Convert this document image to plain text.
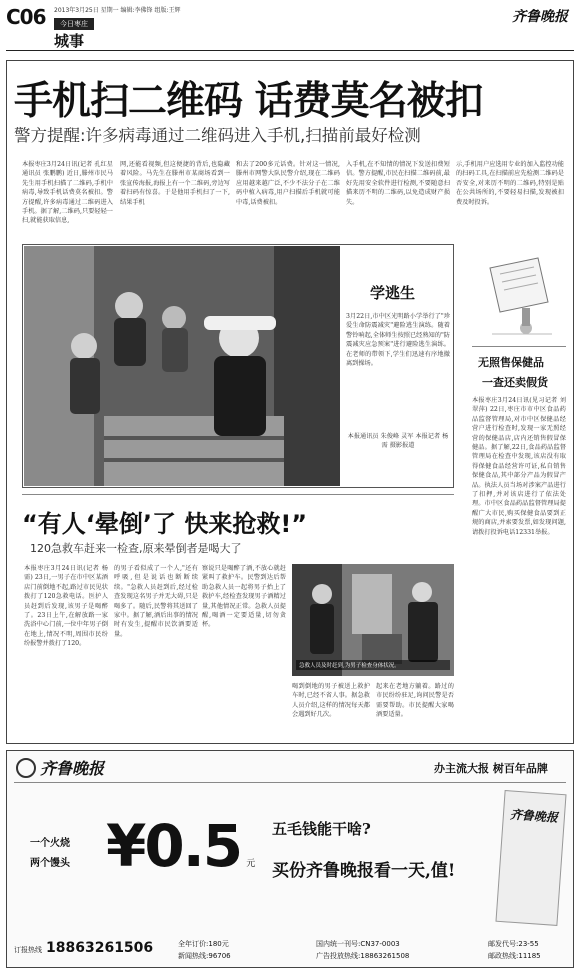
C06 2013年3月25日 星期一 编辑:李佛锋 组版:王辉
今日枣庄
城事
齐鲁晚报
手机扫二维码 话费莫名被扣
警方提醒:许多病毒通过二维码进入手机,扫描前最好检测
本报枣庄3月24日讯(记者 孔红星 通讯员 张鹏鹏) 近日,滕州市民马先生用手机扫描了二维码,手机中病毒,导致手机话费莫名被扣。警方提醒,许多病毒通过二维码进入手机。据了解,二维码,只要轻轻一扫,就能获取信息,
网,还能看视频,但这便捷的背后,也隐藏着风险。马先生在滕州市某商场看到一张宣传海报,海报上有一个二维码,旁边写着扫码有惊喜。于是他用手机扫了一下,结果手机
和去了200多元话费。针对这一情况,滕州市网警大队民警介绍,现在二维码应用越来越广泛,不少不法分子在二维码中植入病毒,用户扫描后手机就可能中毒,话费被扣。
入手机,在不知情的情况下发送扣费短信。警方提醒,市民在扫描二维码前,最好先用安全软件进行检测,不要随意扫描来历不明的二维码,以免造成财产损失。
示,手机用户应选用专业的加入监控功能的扫码工具,在扫描前应先检测二维码是否安全,对来历不明的二维码,特别是贴在公共场所的,不要轻易扫描,发现被扣费及时投诉。
学逃生
3月22日,市中区光明路小学举行了"珍爱生命防震减灾"避险逃生演练。随着警铃响起,全体师生按照已经熟知的"防震减灾应急预案"进行避险逃生演练。在老师的带领下,学生们迅速有序地撤离到操场。
本报通讯员 朱俊峰 灵军 本报记者 杨需 摄影报道
无照售保健品
一查还卖假货
本报枣庄3月24日讯(见习记者 刘翠萍) 22日,枣庄市市中区食品药品监督管理局,对市中区保健品经营户进行检查时,发现一家无照经营的保健品店,店内还销售假冒保健品。据了解,22日,食品药品监督管理局在检查中发现,该店没有取得保健食品经营许可证,私自销售保健食品,其中部分产品为假冒产品。执法人员当场对涉案产品进行了扣押,并对该店进行了依法处理。市中区食品药品监督管理局提醒广大市民,购买保健食品要到正规的商店,并索要发票,如发现问题,请拨打投诉电话12331举报。
“有人‘晕倒’了 快来抢救!”
120急救车赶来一检查,原来晕倒者是喝大了
本报枣庄3月24日讯(记者 杨需) 23日,一男子在市中区某酒店门前倒地不起,路过市民见状拨打了120急救电话。医护人员赶到后发现,该男子是喝醉了。23日上午,在解放路一家洗浴中心门前,一位中年男子倒在地上,情况不明,周围市民纷纷报警并拨打了120。
的男子看似成了一个人,"还有呼吸,但是说话也断断续续。"急救人员赶到后,经过检查发现这名男子并无大碍,只是喝多了。随后,民警将其送回了家中。据了解,酒后出事的情况时有发生,提醒市民饮酒要适量。
察说只是喝醉了酒,不放心就赶紧叫了救护车。民警到达后帮助急救人员一起将男子抬上了救护车,经检查发现男子酒精过量,其他情况正常。急救人员提醒,喝酒一定要适量,切勿贪杯。
急救人员及时赶到,为男子检查身体状况。
喝到倒地的男子被送上救护车时,已经不省人事。据急救人员介绍,这样的情况每天都会遇到好几次。
起来在老地方躺着。路过的市民纷纷驻足,询问民警是否需要帮助。市民提醒大家喝酒要适量。
齐鲁晚报	办主流大报 树百年品牌
一个火烧
两个馒头 ¥0.5 元
五毛钱能干啥?
买份齐鲁晚报看一天,值!
齐鲁晚报
订报热线 18863261506	全年订价:180元
新闻热线:96706
国内统一刊号:CN37-0003
广告投放热线:18863261508
邮发代号:23-55
邮政热线:11185
